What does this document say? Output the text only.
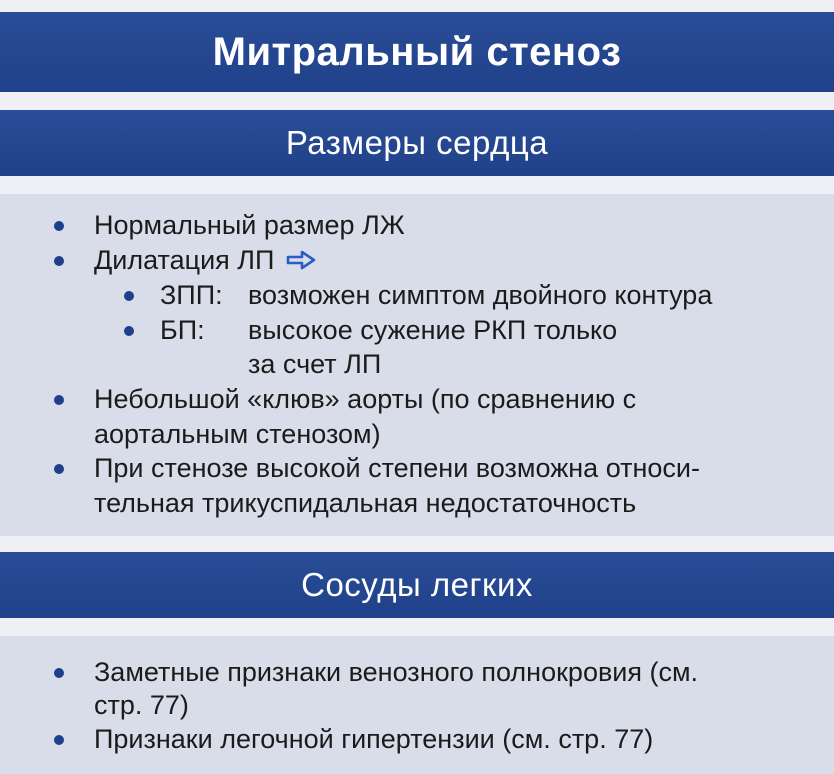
Митральный стеноз
Размеры сердца
Нормальный размер ЛЖ
Дилатация ЛП
ЗПП: возможен симптом двойного контура
БП: высокое сужение РКП только
за счет ЛП
Небольшой «клюв» аорты (по сравнению с
аортальным стенозом)
При стенозе высокой степени возможна относи-
тельная трикуспидальная недостаточность
Сосуды легких
Заметные признаки венозного полнокровия (см.
стр. 77)
Признаки легочной гипертензии (см. стр. 77)
